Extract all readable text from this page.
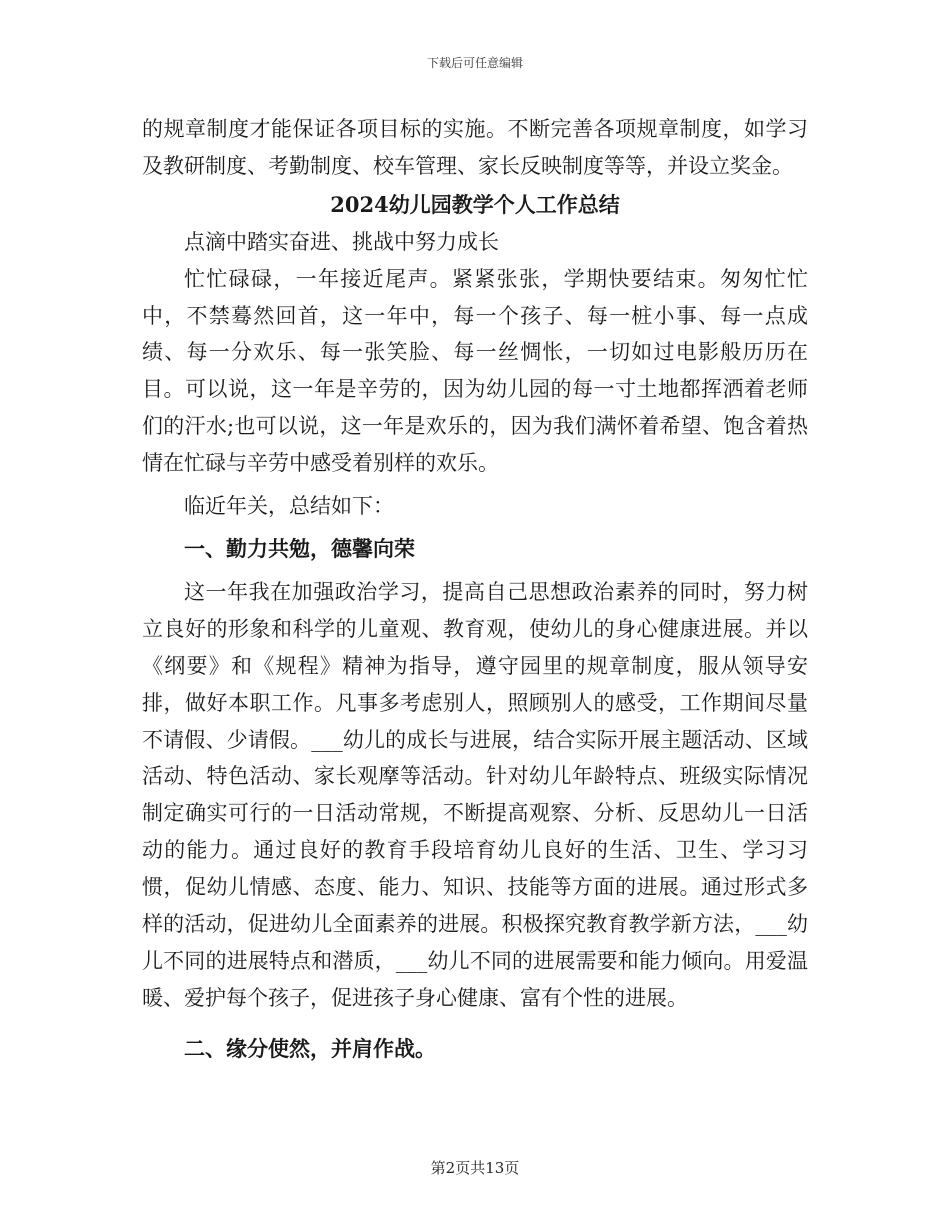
下载后可任意编辑

的规章制度才能保证各项目标的实施。不断完善各项规章制度，如学习及教研制度、考勤制度、校车管理、家长反映制度等等，并设立奖金。

2024幼儿园教学个人工作总结

点滴中踏实奋进、挑战中努力成长

忙忙碌碌，一年接近尾声。紧紧张张，学期快要结束。匆匆忙忙中，不禁蓦然回首，这一年中，每一个孩子、每一桩小事、每一点成绩、每一分欢乐、每一张笑脸、每一丝惆怅，一切如过电影般历历在目。可以说，这一年是辛劳的，因为幼儿园的每一寸土地都挥洒着老师们的汗水;也可以说，这一年是欢乐的，因为我们满怀着希望、饱含着热情在忙碌与辛劳中感受着别样的欢乐。

临近年关，总结如下：

一、勤力共勉，德馨向荣

这一年我在加强政治学习，提高自己思想政治素养的同时，努力树立良好的形象和科学的儿童观、教育观，使幼儿的身心健康进展。并以《纲要》和《规程》精神为指导，遵守园里的规章制度，服从领导安排，做好本职工作。凡事多考虑别人，照顾别人的感受，工作期间尽量不请假、少请假。___幼儿的成长与进展，结合实际开展主题活动、区域活动、特色活动、家长观摩等活动。针对幼儿年龄特点、班级实际情况制定确实可行的一日活动常规，不断提高观察、分析、反思幼儿一日活动的能力。通过良好的教育手段培育幼儿良好的生活、卫生、学习习惯，促幼儿情感、态度、能力、知识、技能等方面的进展。通过形式多样的活动，促进幼儿全面素养的进展。积极探究教育教学新方法，___幼儿不同的进展特点和潜质，___幼儿不同的进展需要和能力倾向。用爱温暖、爱护每个孩子，促进孩子身心健康、富有个性的进展。

二、缘分使然，并肩作战。

第2页共13页
